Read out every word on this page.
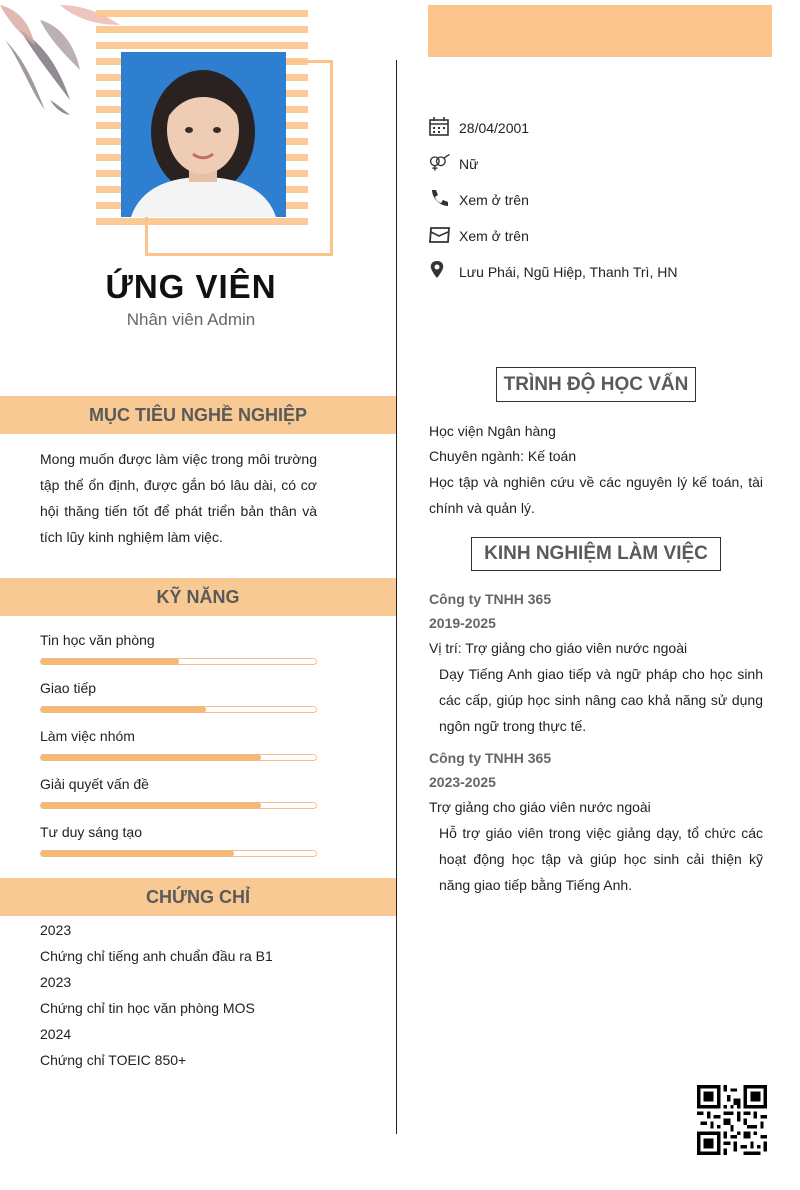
ỨNG VIÊN
Nhân viên Admin
MỤC TIÊU NGHỀ NGHIỆP
Mong muốn được làm việc trong môi trường tập thể ổn định, được gắn bó lâu dài, có cơ hội thăng tiến tốt để phát triển bản thân và tích lũy kinh nghiệm làm việc.
KỸ NĂNG
Tin học văn phòng
Giao tiếp
Làm việc nhóm
Giải quyết vấn đề
Tư duy sáng tạo
CHỨNG CHỈ
2023
Chứng chỉ tiếng anh chuẩn đầu ra B1
2023
Chứng chỉ tin học văn phòng MOS
2024
Chứng chỉ TOEIC 850+
28/04/2001
Nữ
Xem ở trên
Xem ở trên
Lưu Phái, Ngũ Hiệp, Thanh Trì, HN
TRÌNH ĐỘ HỌC VẤN
Học viện Ngân hàng
Chuyên ngành: Kế toán
Học tập và nghiên cứu về các nguyên lý kế toán, tài chính và quản lý.
KINH NGHIỆM LÀM VIỆC
Công ty TNHH 365
2019-2025
Vị trí: Trợ giảng cho giáo viên nước ngoài
Dạy Tiếng Anh giao tiếp và ngữ pháp cho học sinh các cấp, giúp học sinh nâng cao khả năng sử dụng ngôn ngữ trong thực tế.
Công ty TNHH 365
2023-2025
Trợ giảng cho giáo viên nước ngoài
Hỗ trợ giáo viên trong việc giảng dạy, tổ chức các hoạt động học tập và giúp học sinh cải thiện kỹ năng giao tiếp bằng Tiếng Anh.
